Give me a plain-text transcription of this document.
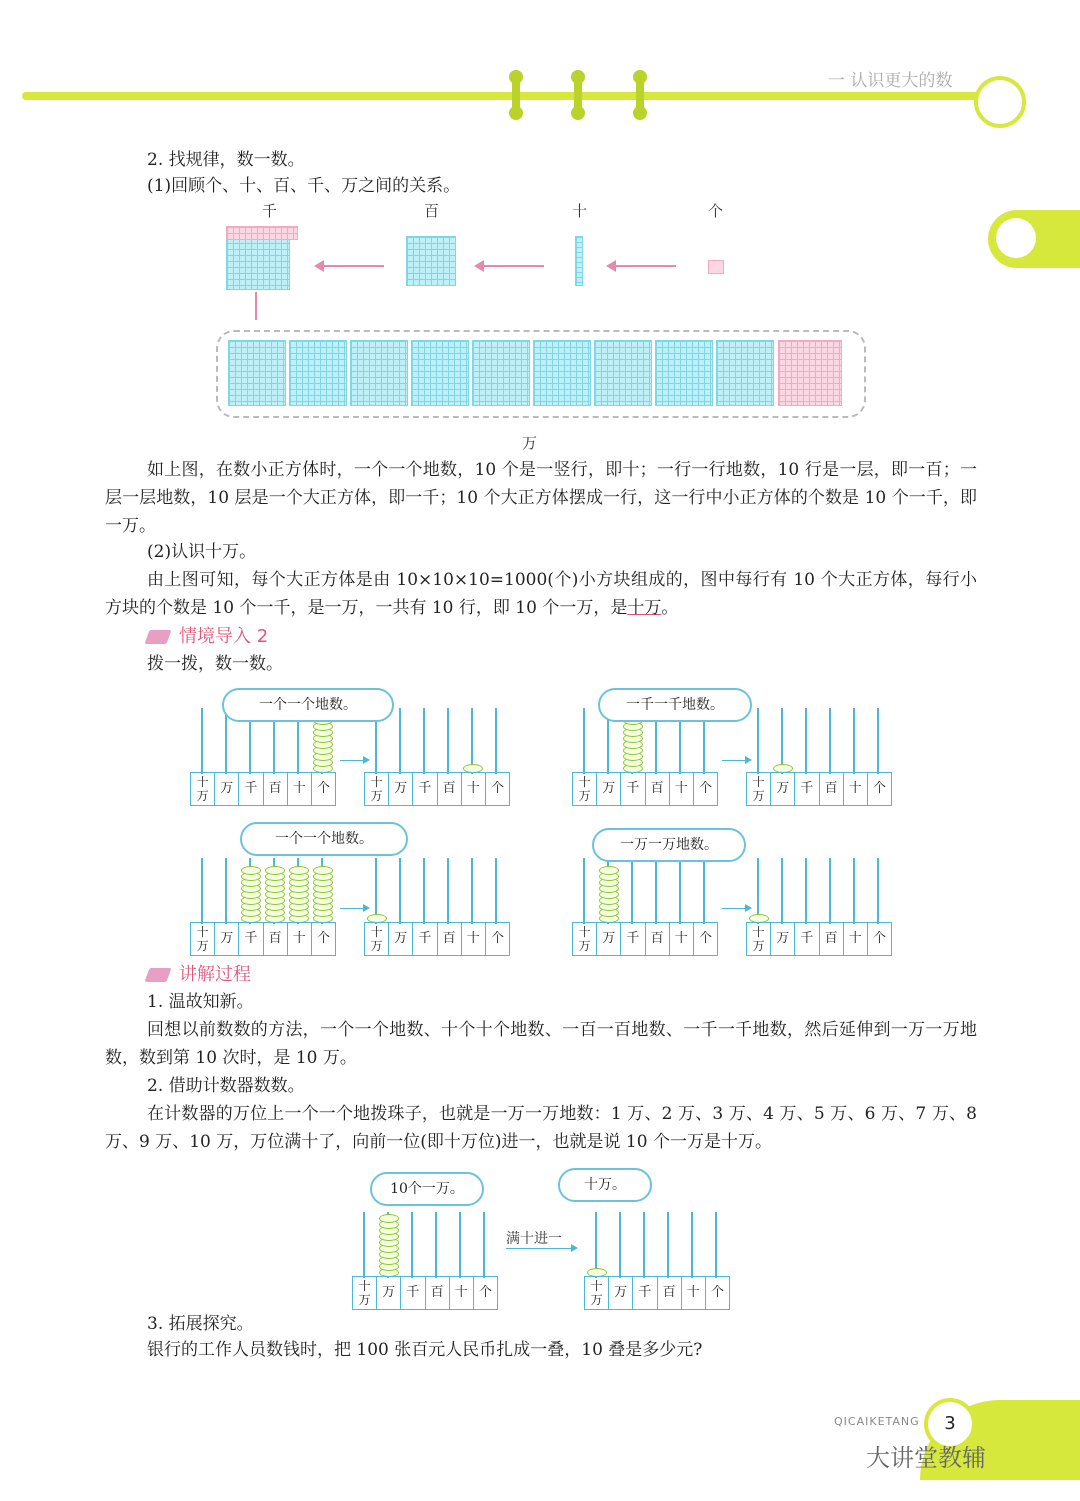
一 认识更大的数
2. 找规律，数一数。
(1)回顾个、十、百、千、万之间的关系。
千	百	十	个
万
如上图，在数小正方体时，一个一个地数，10 个是一竖行，即十；一行一行地数，10 行是一层，即一百；一层一层地数，10 层是一个大正方体，即一千；10 个大正方体摆成一行，这一行中小正方体的个数是 10 个一千，即一万。
(2)认识十万。
由上图可知，每个大正方体是由 10×10×10=1000(个)小方块组成的，图中每行有 10 个大正方体，每行小方块的个数是 10 个一千，是一万，一共有 10 行，即 10 个一万，是十万。
情境导入 2
拨一拨，数一数。
十万 万 千 百 十 个	十万 万 千 百 十 个
一个一个地数。
十万 万 千 百 十 个	十万 万 千 百 十 个
一千一千地数。
十万 万 千 百 十 个	十万 万 千 百 十 个
一个一个地数。
十万 万 千 百 十 个	十万 万 千 百 十 个
一万一万地数。
十万 万 千 百 十 个
10个一万。
十万 万 千 百 十 个
十万。
讲解过程
1. 温故知新。
回想以前数数的方法，一个一个地数、十个十个地数、一百一百地数、一千一千地数，然后延伸到一万一万地数，数到第 10 次时，是 10 万。
2. 借助计数器数数。
在计数器的万位上一个一个地拨珠子，也就是一万一万地数：1 万、2 万、3 万、4 万、5 万、6 万、7 万、8 万、9 万、10 万，万位满十了，向前一位(即十万位)进一，也就是说 10 个一万是十万。
满十进一
3. 拓展探究。
银行的工作人员数钱时，把 100 张百元人民币扎成一叠，10 叠是多少元?
QICAIKETANG	3
大讲堂教辅
